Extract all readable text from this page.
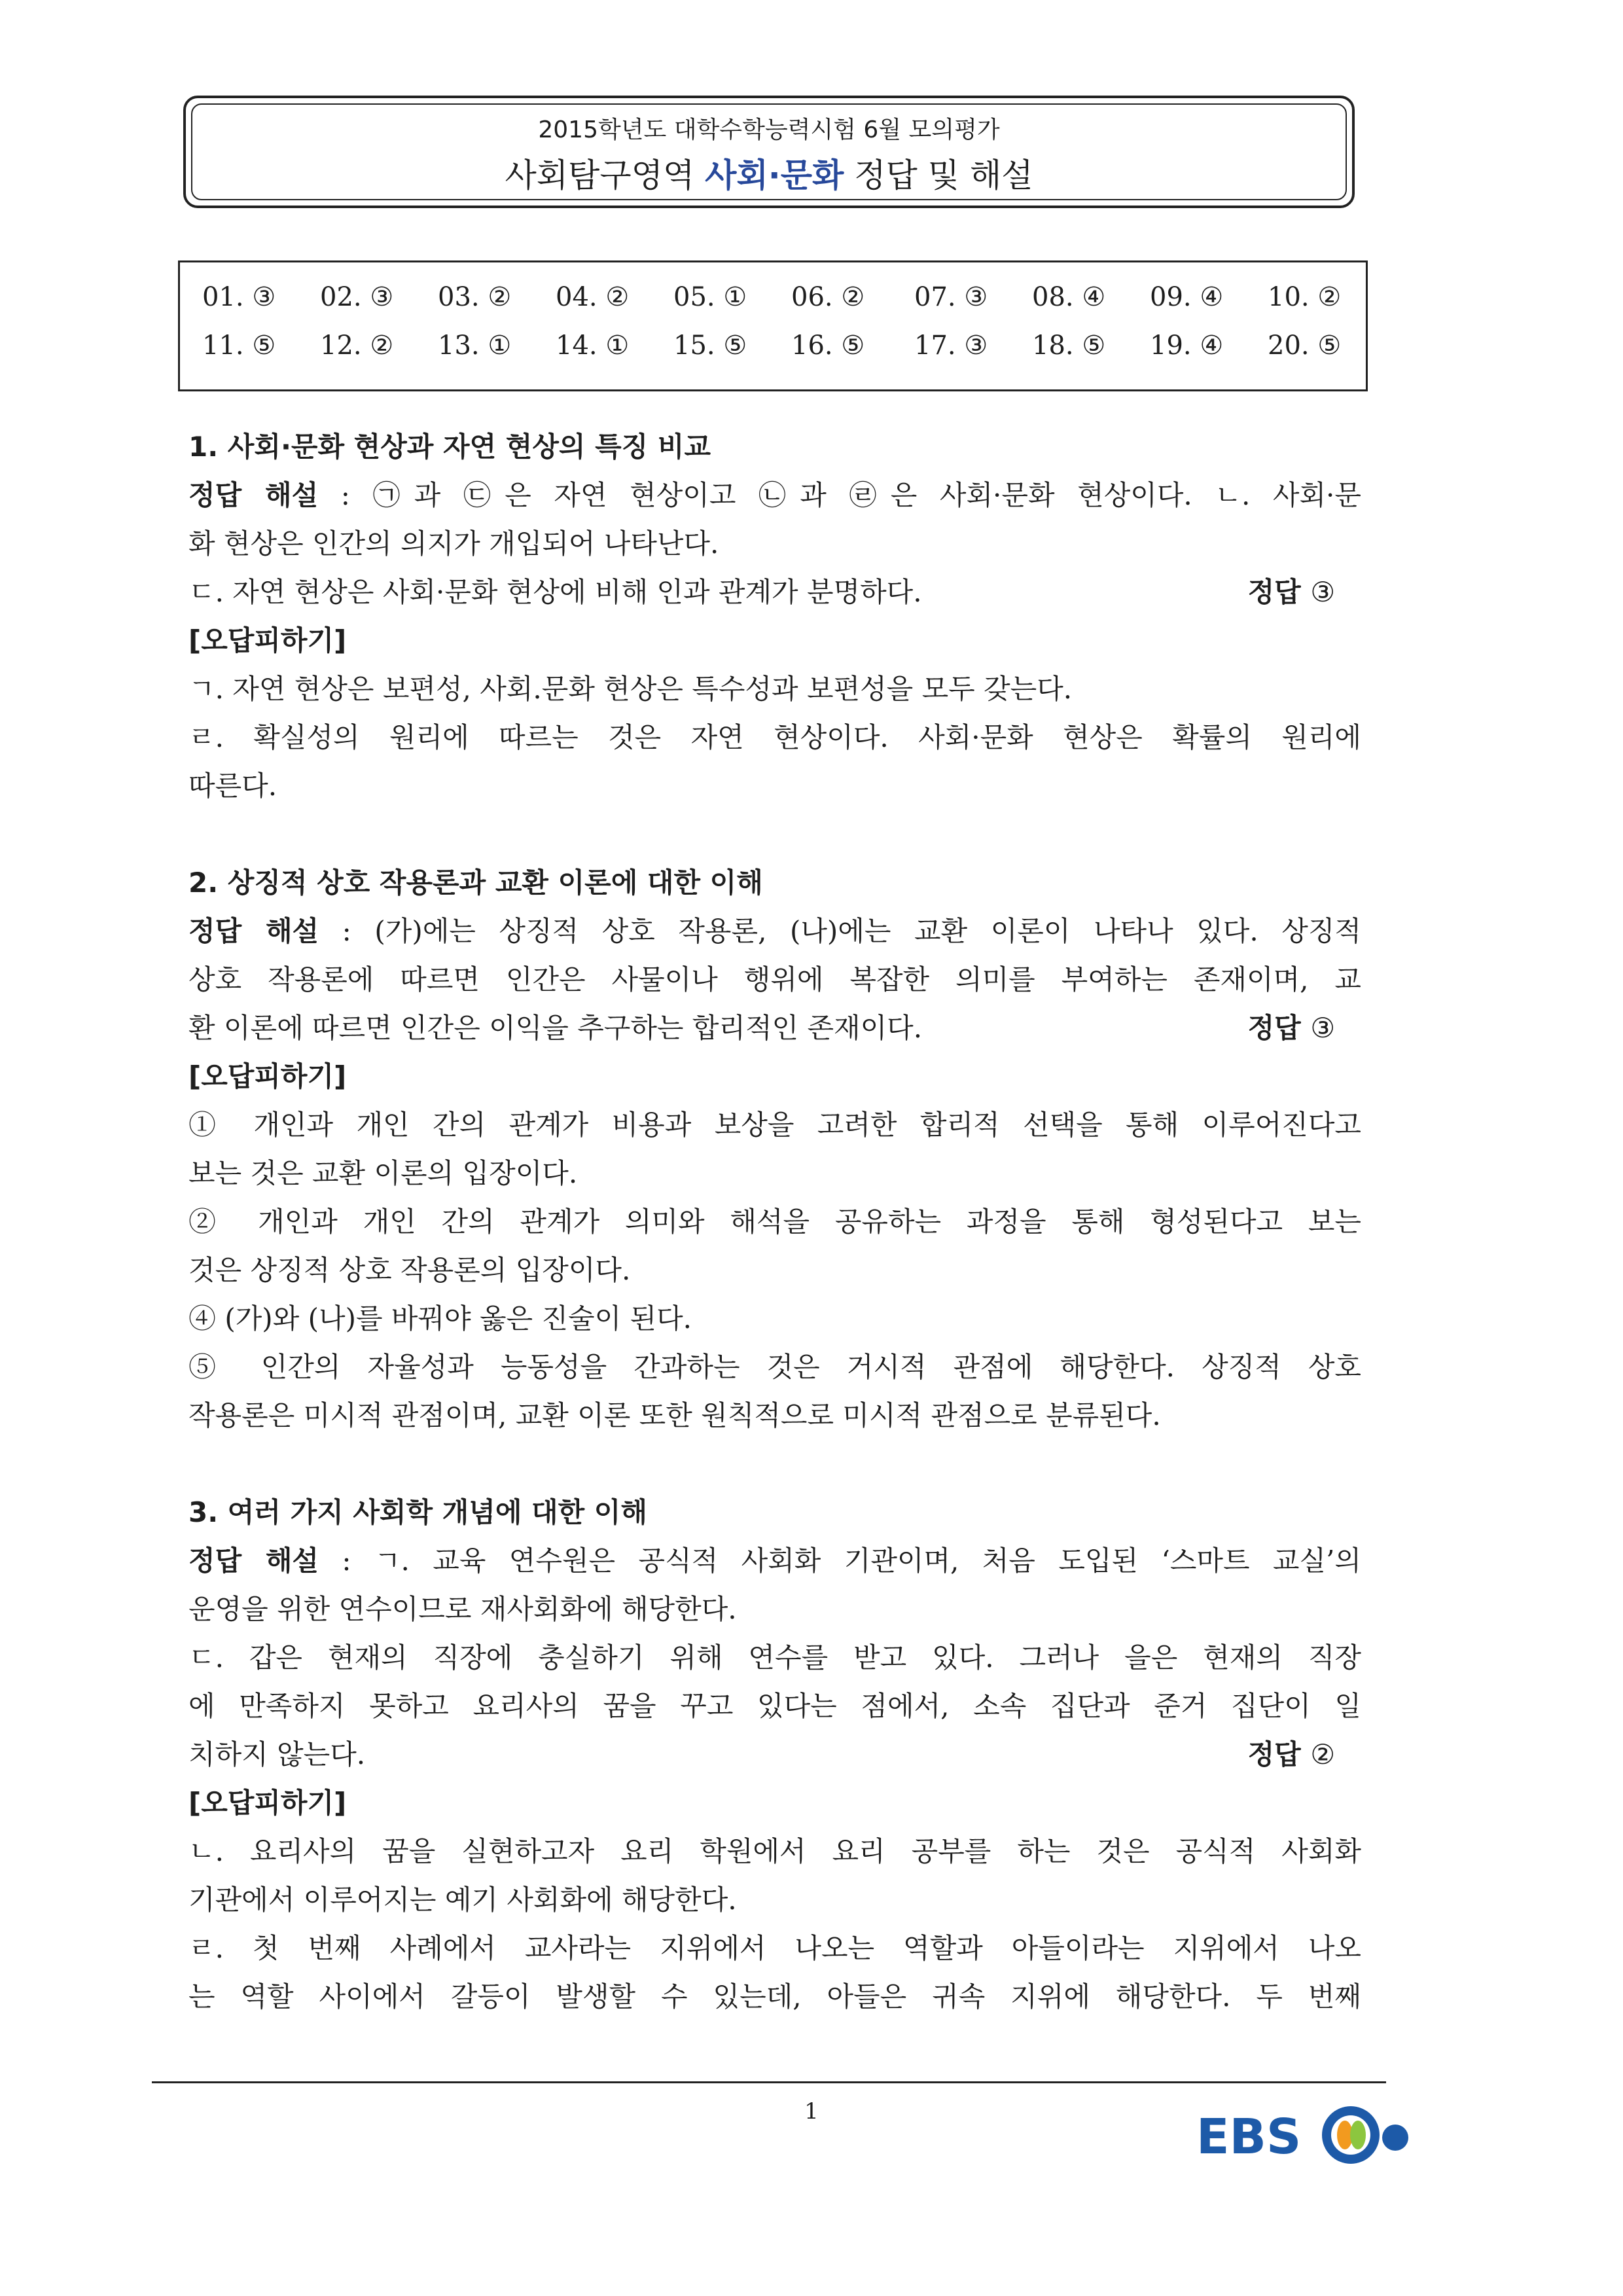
2015학년도 대학수학능력시험 6월 모의평가
사회탐구영역 사회·문화 정답 및 해설
01. ③ 02. ③ 03. ② 04. ② 05. ① 06. ② 07. ③ 08. ④ 09. ④ 10. ②
11. ⑤ 12. ② 13. ① 14. ① 15. ⑤ 16. ⑤ 17. ③ 18. ⑤ 19. ④ 20. ⑤
1. 사회·문화 현상과 자연 현상의 특징 비교
정답 해설 : ㉠과 ㉢은 자연 현상이고 ㉡과 ㉣은 사회·문화 현상이다. ㄴ. 사회·문
화 현상은 인간의 의지가 개입되어 나타난다.
ㄷ. 자연 현상은 사회·문화 현상에 비해 인과 관계가 분명하다.	정답 ③
[오답피하기]
ㄱ. 자연 현상은 보편성, 사회.문화 현상은 특수성과 보편성을 모두 갖는다.
ㄹ. 확실성의 원리에 따르는 것은 자연 현상이다. 사회·문화 현상은 확률의 원리에
따른다.
2. 상징적 상호 작용론과 교환 이론에 대한 이해
정답 해설 : (가)에는 상징적 상호 작용론, (나)에는 교환 이론이 나타나 있다. 상징적
상호 작용론에 따르면 인간은 사물이나 행위에 복잡한 의미를 부여하는 존재이며, 교
환 이론에 따르면 인간은 이익을 추구하는 합리적인 존재이다.	정답 ③
[오답피하기]
① 개인과 개인 간의 관계가 비용과 보상을 고려한 합리적 선택을 통해 이루어진다고
보는 것은 교환 이론의 입장이다.
② 개인과 개인 간의 관계가 의미와 해석을 공유하는 과정을 통해 형성된다고 보는
것은 상징적 상호 작용론의 입장이다.
④ (가)와 (나)를 바꿔야 옳은 진술이 된다.
⑤ 인간의 자율성과 능동성을 간과하는 것은 거시적 관점에 해당한다. 상징적 상호
작용론은 미시적 관점이며, 교환 이론 또한 원칙적으로 미시적 관점으로 분류된다.
3. 여러 가지 사회학 개념에 대한 이해
정답 해설 : ㄱ. 교육 연수원은 공식적 사회화 기관이며, 처음 도입된 ‘스마트 교실’의
운영을 위한 연수이므로 재사회화에 해당한다.
ㄷ. 갑은 현재의 직장에 충실하기 위해 연수를 받고 있다. 그러나 을은 현재의 직장
에 만족하지 못하고 요리사의 꿈을 꾸고 있다는 점에서, 소속 집단과 준거 집단이 일
치하지 않는다.	정답 ②
[오답피하기]
ㄴ. 요리사의 꿈을 실현하고자 요리 학원에서 요리 공부를 하는 것은 공식적 사회화
기관에서 이루어지는 예기 사회화에 해당한다.
ㄹ. 첫 번째 사례에서 교사라는 지위에서 나오는 역할과 아들이라는 지위에서 나오
는 역할 사이에서 갈등이 발생할 수 있는데, 아들은 귀속 지위에 해당한다. 두 번째
1	EBS
